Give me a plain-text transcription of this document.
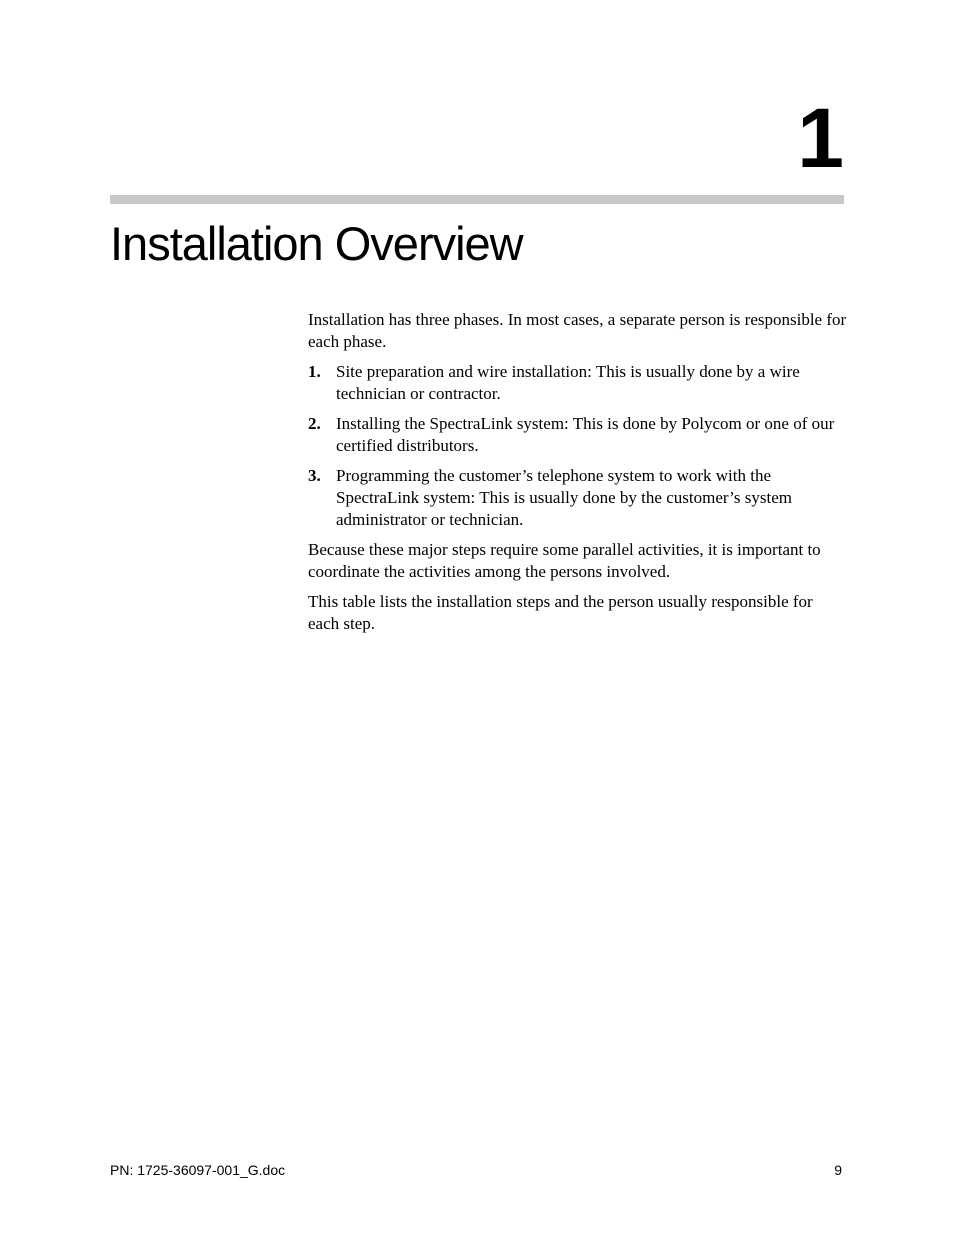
1
Installation Overview

Installation has three phases. In most cases, a separate person is responsible for each phase.

1. Site preparation and wire installation: This is usually done by a wire technician or contractor.
2. Installing the SpectraLink system: This is done by Polycom or one of our certified distributors.
3. Programming the customer’s telephone system to work with the SpectraLink system: This is usually done by the customer’s system administrator or technician.

Because these major steps require some parallel activities, it is important to coordinate the activities among the persons involved.

This table lists the installation steps and the person usually responsible for each step.

PN: 1725-36097-001_G.doc	9
